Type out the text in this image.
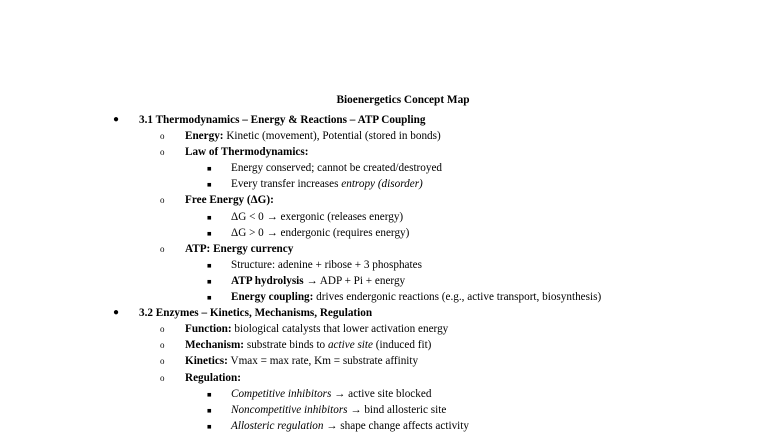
Bioenergetics Concept Map
● 3.1 Thermodynamics – Energy & Reactions – ATP Coupling
o Energy: Kinetic (movement), Potential (stored in bonds)
o Law of Thermodynamics:
■ Energy conserved; cannot be created/destroyed
■ Every transfer increases entropy (disorder)
o Free Energy (ΔG):
■ ΔG < 0 → exergonic (releases energy)
■ ΔG > 0 → endergonic (requires energy)
o ATP: Energy currency
■ Structure: adenine + ribose + 3 phosphates
■ ATP hydrolysis → ADP + Pi + energy
■ Energy coupling: drives endergonic reactions (e.g., active transport, biosynthesis)
● 3.2 Enzymes – Kinetics, Mechanisms, Regulation
o Function: biological catalysts that lower activation energy
o Mechanism: substrate binds to active site (induced fit)
o Kinetics: Vmax = max rate, Km = substrate affinity
o Regulation:
■ Competitive inhibitors → active site blocked
■ Noncompetitive inhibitors → bind allosteric site
■ Allosteric regulation → shape change affects activity
